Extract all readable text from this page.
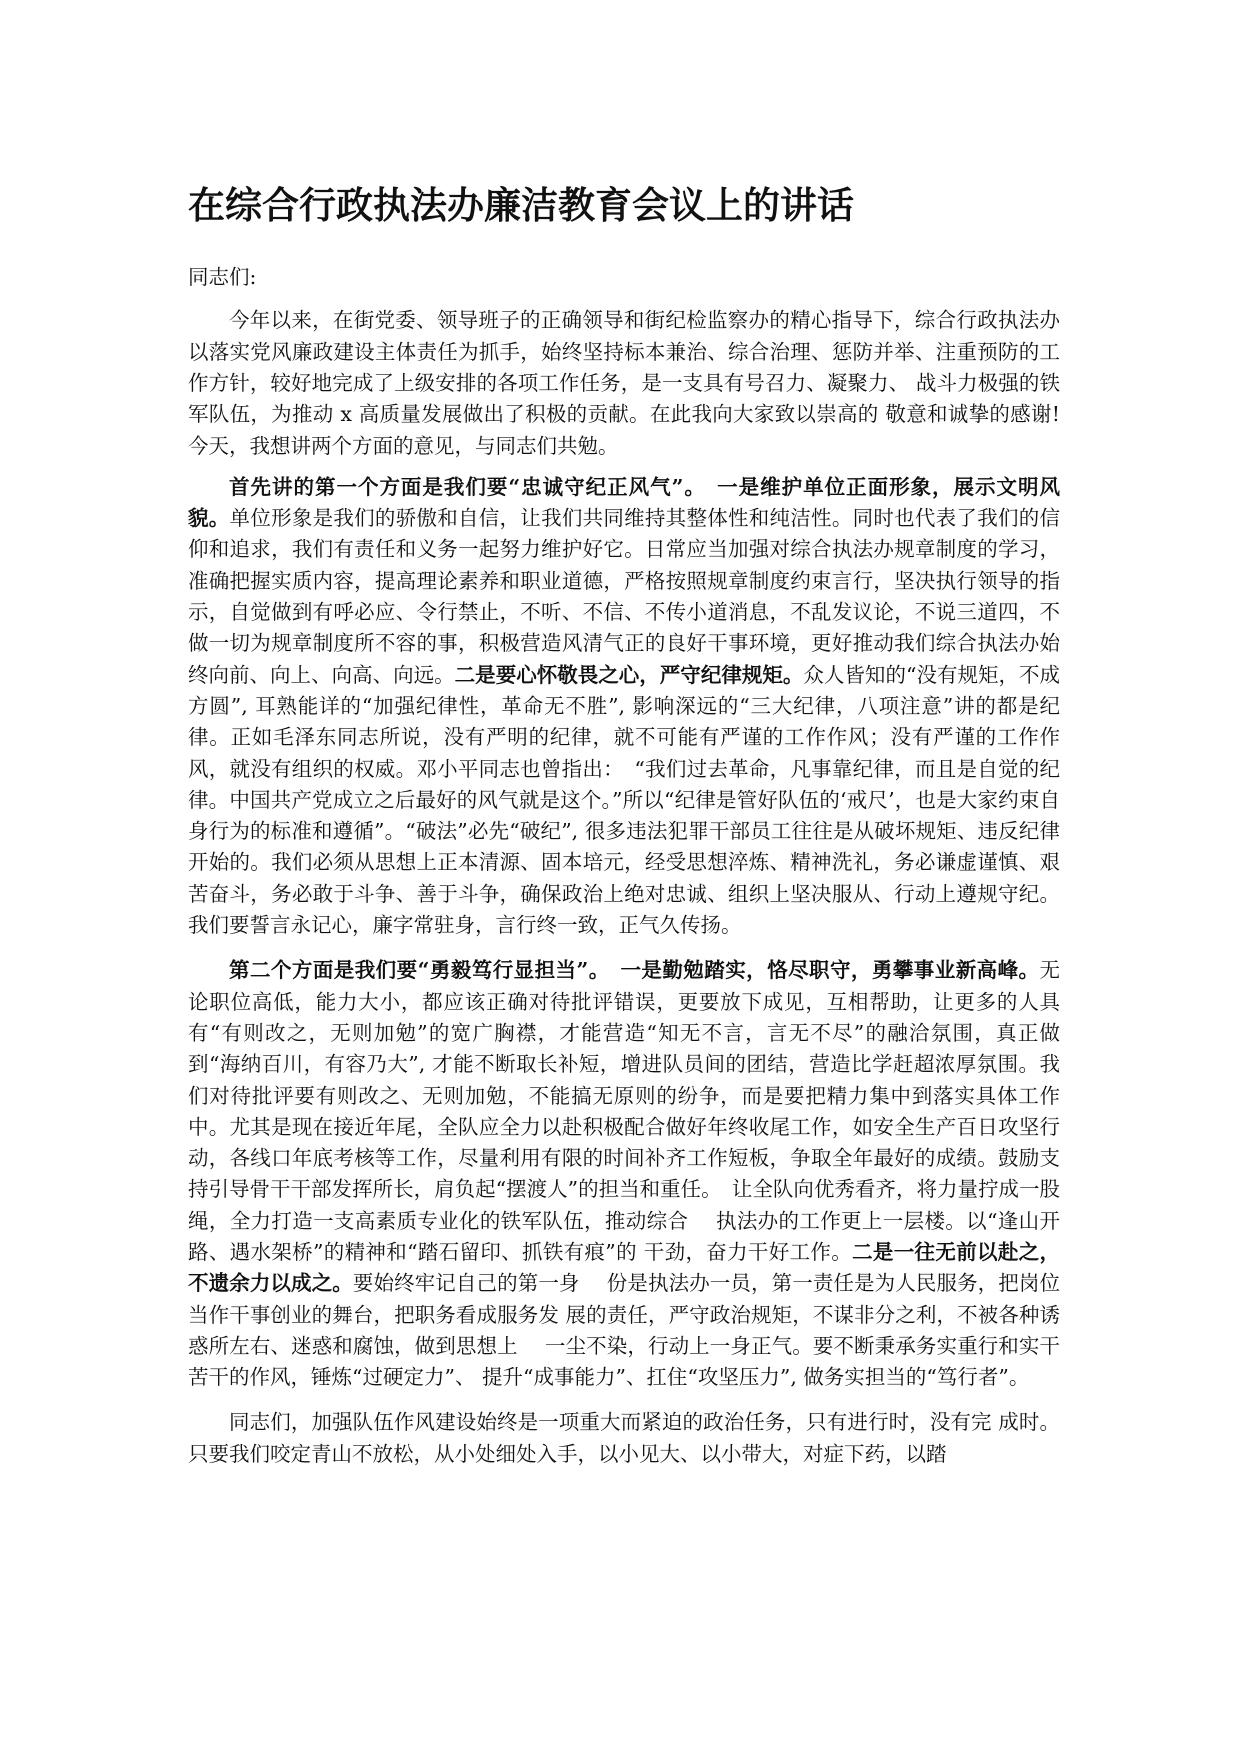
在综合行政执法办廉洁教育会议上的讲话

同志们:

今年以来，在街党委、领导班子的正确领导和街纪检监察办的精心指导下，综合行政执法办以落实党风廉政建设主体责任为抓手，始终坚持标本兼治、综合治理、惩防并举、注重预防的工作方针，较好地完成了上级安排的各项工作任务，是一支具有号召力、凝聚力、 战斗力极强的铁军队伍，为推动 x 高质量发展做出了积极的贡献。在此我向大家致以崇高的 敬意和诚挚的感谢! 今天，我想讲两个方面的意见，与同志们共勉。

首先讲的第一个方面是我们要“忠诚守纪正风气”。　 一是维护单位正面形象，展示文明风貌。单位形象是我们的骄傲和自信，让我们共同维持其整体性和纯洁性。同时也代表了我们的信仰和追求，我们有责任和义务一起努力维护好它。日常应当加强对综合执法办规章制度的学习，准确把握实质内容，提高理论素养和职业道德，严格按照规章制度约束言行，坚决执行领导的指示，自觉做到有呼必应、令行禁止，不听、不信、不传小道消息，不乱发议论，不说三道四，不做一切为规章制度所不容的事，积极营造风清气正的良好干事环境，更好推动我们综合执法办始终向前、向上、向高、向远。二是要心怀敬畏之心，严守纪律规矩。众人皆知的“没有规矩，不成方圆”, 耳熟能详的“加强纪律性，革命无不胜”, 影响深远的“三大纪律，八项注意”讲的都是纪律。正如毛泽东同志所说，没有严明的纪律，就不可能有严谨的工作作风；没有严谨的工作作风，就没有组织的权威。邓小平同志也曾指出：　“我们过去革命，凡事靠纪律，而且是自觉的纪律。中国共产党成立之后最好的风气就是这个。”所以“纪律是管好队伍的‘戒尺’，也是大家约束自身行为的标准和遵循”。“破法”必先“破纪”, 很多违法犯罪干部员工往往是从破坏规矩、违反纪律开始的。我们必须从思想上正本清源、固本培元，经受思想淬炼、精神洗礼，务必谦虚谨慎、艰苦奋斗，务必敢于斗争、善于斗争，确保政治上绝对忠诚、组织上坚决服从、行动上遵规守纪。我们要誓言永记心，廉字常驻身，言行终一致，正气久传扬。

第二个方面是我们要“勇毅笃行显担当”。　 一是勤勉踏实，恪尽职守，勇攀事业新高峰。无论职位高低，能力大小，都应该正确对待批评错误，更要放下成见，互相帮助，让更多的人具有“有则改之，无则加勉”的宽广胸襟，才能营造“知无不言，言无不尽”的融洽氛围，真正做到“海纳百川，有容乃大”, 才能不断取长补短，增进队员间的团结，营造比学赶超浓厚氛围。我们对待批评要有则改之、无则加勉，不能搞无原则的纷争，而是要把精力集中到落实具体工作中。尤其是现在接近年尾，全队应全力以赴积极配合做好年终收尾工作，如安全生产百日攻坚行动，各线口年底考核等工作，尽量利用有限的时间补齐工作短板，争取全年最好的成绩。鼓励支持引导骨干干部发挥所长，肩负起“摆渡人”的担当和重任。　让全队向优秀看齐，将力量拧成一股绳，全力打造一支高素质专业化的铁军队伍，推动综合　 执法办的工作更上一层楼。以“逢山开路、遇水架桥”的精神和“踏石留印、抓铁有痕”的 干劲，奋力干好工作。二是一往无前以赴之，不遗余力以成之。要始终牢记自己的第一身　 份是执法办一员，第一责任是为人民服务，把岗位当作干事创业的舞台，把职务看成服务发 展的责任，严守政治规矩，不谋非分之利，不被各种诱惑所左右、迷惑和腐蚀，做到思想上　 一尘不染，行动上一身正气。要不断秉承务实重行和实干苦干的作风，锤炼“过硬定力”、 提升“成事能力”、扛住“攻坚压力”, 做务实担当的“笃行者”。

同志们，加强队伍作风建设始终是一项重大而紧迫的政治任务，只有进行时，没有完 成时。只要我们咬定青山不放松，从小处细处入手，以小见大、以小带大，对症下药，以踏
